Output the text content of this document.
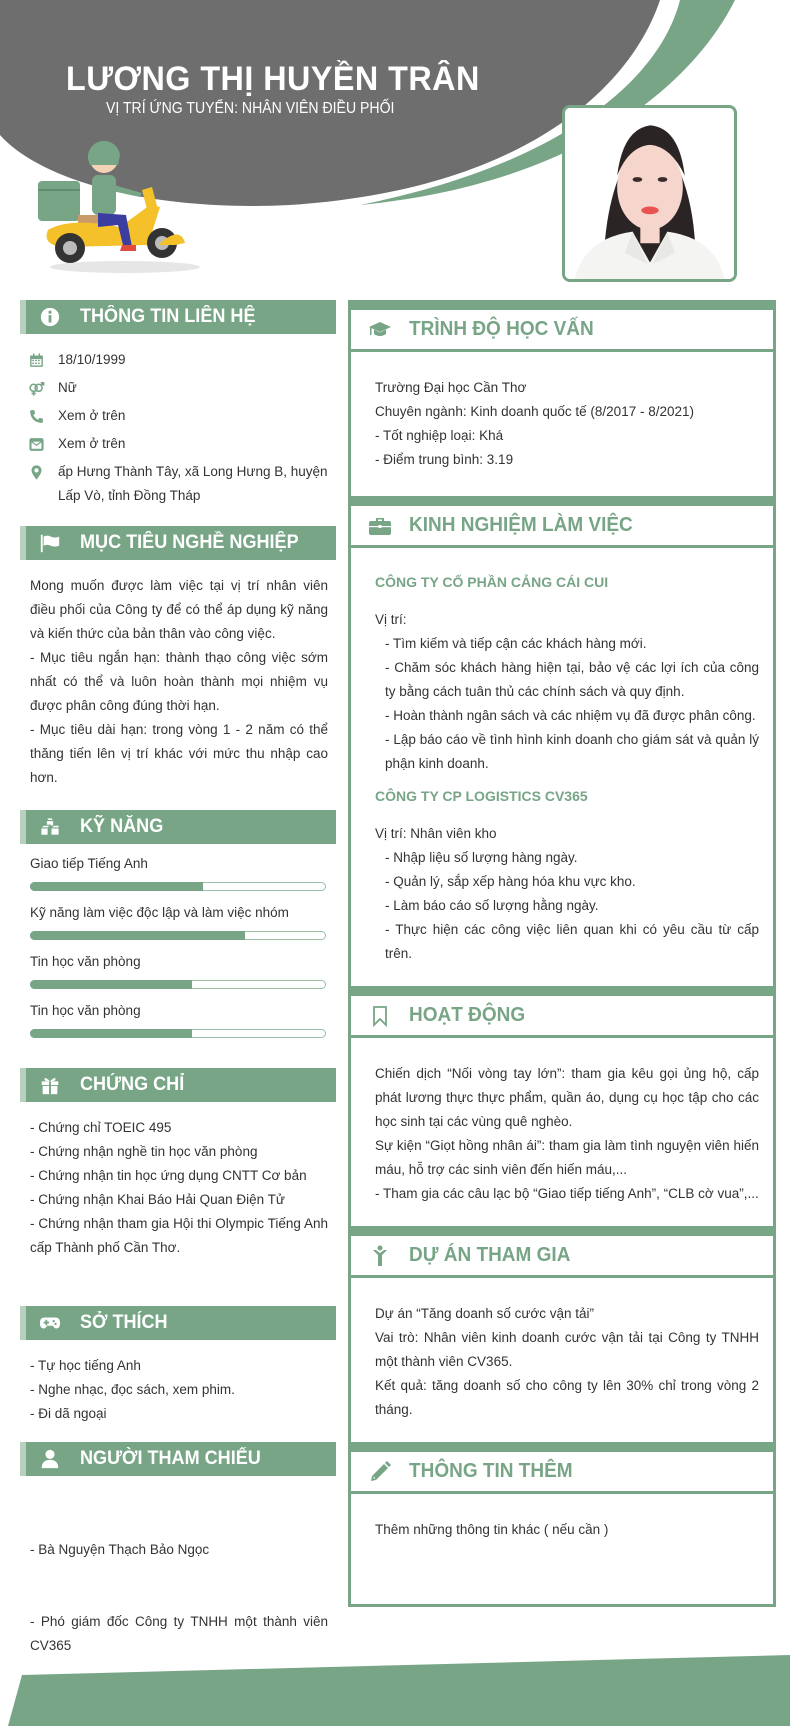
LƯƠNG THỊ HUYỀN TRÂN
VỊ TRÍ ỨNG TUYỂN: NHÂN VIÊN ĐIỀU PHỐI
THÔNG TIN LIÊN HỆ
18/10/1999
Nữ
Xem ở trên
Xem ở trên
ấp Hưng Thành Tây, xã Long Hưng B, huyện Lấp Vò, tỉnh Đồng Tháp
MỤC TIÊU NGHỀ NGHIỆP

Mong muốn được làm việc tại vị trí nhân viên điều phối của Công ty để có thể áp dụng kỹ năng và kiến thức của bản thân vào công việc.

- Mục tiêu ngắn hạn: thành thạo công việc sớm nhất có thể và luôn hoàn thành mọi nhiệm vụ được phân công đúng thời hạn.

- Mục tiêu dài hạn: trong vòng 1 - 2 năm có thể thăng tiến lên vị trí khác với mức thu nhập cao hơn.

KỸ NĂNG
Giao tiếp Tiếng Anh
Kỹ năng làm việc độc lập và làm việc nhóm
Tin học văn phòng
Tin học văn phòng
CHỨNG CHỈ
- Chứng chỉ TOEIC 495
- Chứng nhận nghề tin học văn phòng
- Chứng nhận tin học ứng dụng CNTT Cơ bản
- Chứng nhận Khai Báo Hải Quan Điện Tử
- Chứng nhận tham gia Hội thi Olympic Tiếng Anh cấp Thành phố Cần Thơ.
SỞ THÍCH
- Tự học tiếng Anh
- Nghe nhạc, đọc sách, xem phim.
- Đi dã ngoại
NGƯỜI THAM CHIẾU

- Bà Nguyện Thạch Bảo Ngọc

- Phó giám đốc Công ty TNHH một thành viên CV365

TRÌNH ĐỘ HỌC VẤN
Trường Đại học Cần Thơ
Chuyên ngành: Kinh doanh quốc tế (8/2017 - 8/2021)
- Tốt nghiệp loại: Khá
- Điểm trung bình: 3.19
KINH NGHIỆM LÀM VIỆC
CÔNG TY CỔ PHẦN CẢNG CÁI CUI
Vị trí:
- Tìm kiếm và tiếp cận các khách hàng mới.
- Chăm sóc khách hàng hiện tại, bảo vệ các lợi ích của công ty bằng cách tuân thủ các chính sách và quy định.
- Hoàn thành ngân sách và các nhiệm vụ đã được phân công.
- Lập báo cáo về tình hình kinh doanh cho giám sát và quản lý phận kinh doanh.
CÔNG TY CP LOGISTICS CV365
Vị trí: Nhân viên kho
- Nhập liệu số lượng hàng ngày.
- Quản lý, sắp xếp hàng hóa khu vực kho.
- Làm báo cáo số lượng hằng ngày.
- Thực hiện các công việc liên quan khi có yêu cầu từ cấp trên.
HOẠT ĐỘNG
Chiến dịch “Nối vòng tay lớn”: tham gia kêu gọi ủng hộ, cấp phát lương thực thực phẩm, quần áo, dụng cụ học tập cho các học sinh tại các vùng quê nghèo.
Sự kiện “Giọt hồng nhân ái”: tham gia làm tình nguyện viên hiến máu, hỗ trợ các sinh viên đến hiến máu,...
- Tham gia các câu lạc bộ “Giao tiếp tiếng Anh”, “CLB cờ vua”,...
DỰ ÁN THAM GIA
Dự án “Tăng doanh số cước vận tải”
Vai trò: Nhân viên kinh doanh cước vận tải tại Công ty TNHH một thành viên CV365.
Kết quả: tăng doanh số cho công ty lên 30% chỉ trong vòng 2 tháng.
THÔNG TIN THÊM
Thêm những thông tin khác ( nếu cần )
